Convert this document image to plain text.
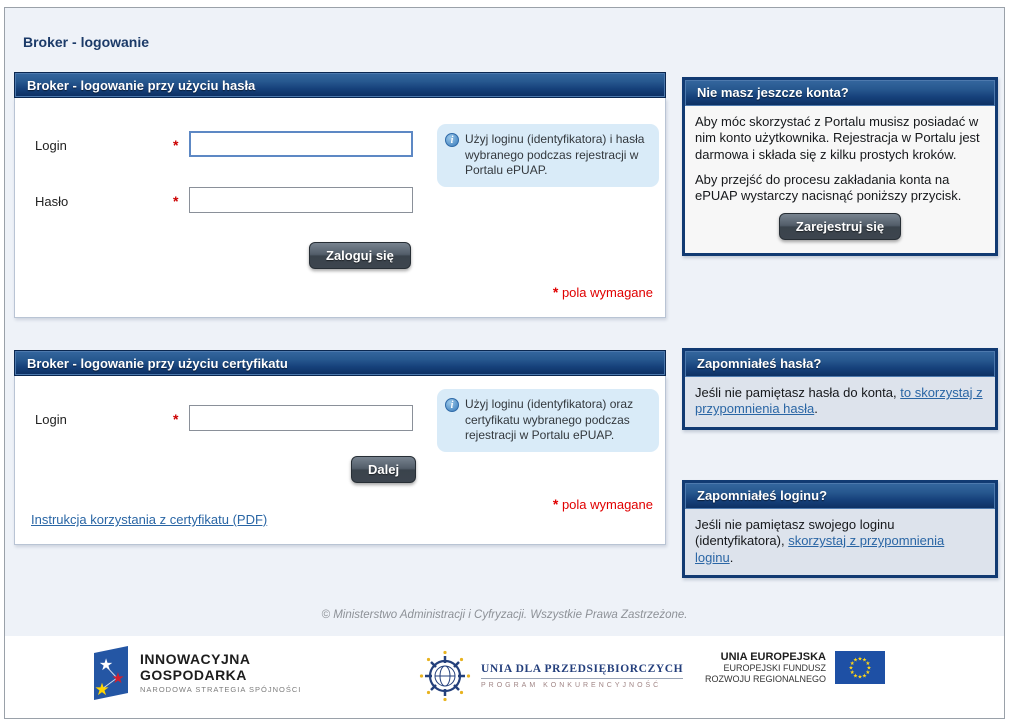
Broker - logowanie
Broker - logowanie przy użyciu hasła
Login	*	i Użyj loginu (identyfikatora) i hasła wybranego podczas rejestracji w Portalu ePUAP.
Hasło	*
Zaloguj się
* pola wymagane
Broker - logowanie przy użyciu certyfikatu
Login	*
i Użyj loginu (identyfikatora) oraz certyfikatu wybranego podczas rejestracji w Portalu ePUAP.
Dalej
* pola wymagane
Instrukcja korzystania z certyfikatu (PDF)
Nie masz jeszcze konta?

Aby móc skorzystać z Portalu musisz posiadać w nim konto użytkownika. Rejestracja w Portalu jest darmowa i składa się z kilku prostych kroków.

Aby przejść do procesu zakładania konta na ePUAP wystarczy nacisnąć poniższy przycisk.

Zarejestruj się
Zapomniałeś hasła?
Jeśli nie pamiętasz hasła do konta, to skorzystaj z przypomnienia hasła.
Zapomniałeś loginu?
Jeśli nie pamiętasz swojego loginu (identyfikatora), skorzystaj z przypomnienia loginu.
© Ministerstwo Administracji i Cyfryzacji. Wszystkie Prawa Zastrzeżone.
★
★
★
INNOWACYJNA
GOSPODARKA
NARODOWA STRATEGIA SPÓJNOŚCI
UNIA DLA PRZEDSIĘBIORCZYCH
PROGRAM KONKURENCYJNOŚĆ
UNIA EUROPEJSKA
EUROPEJSKI FUNDUSZ
ROZWOJU REGIONALNEGO
★ ★
★
★
★
★
★
★
★
★
★
★
